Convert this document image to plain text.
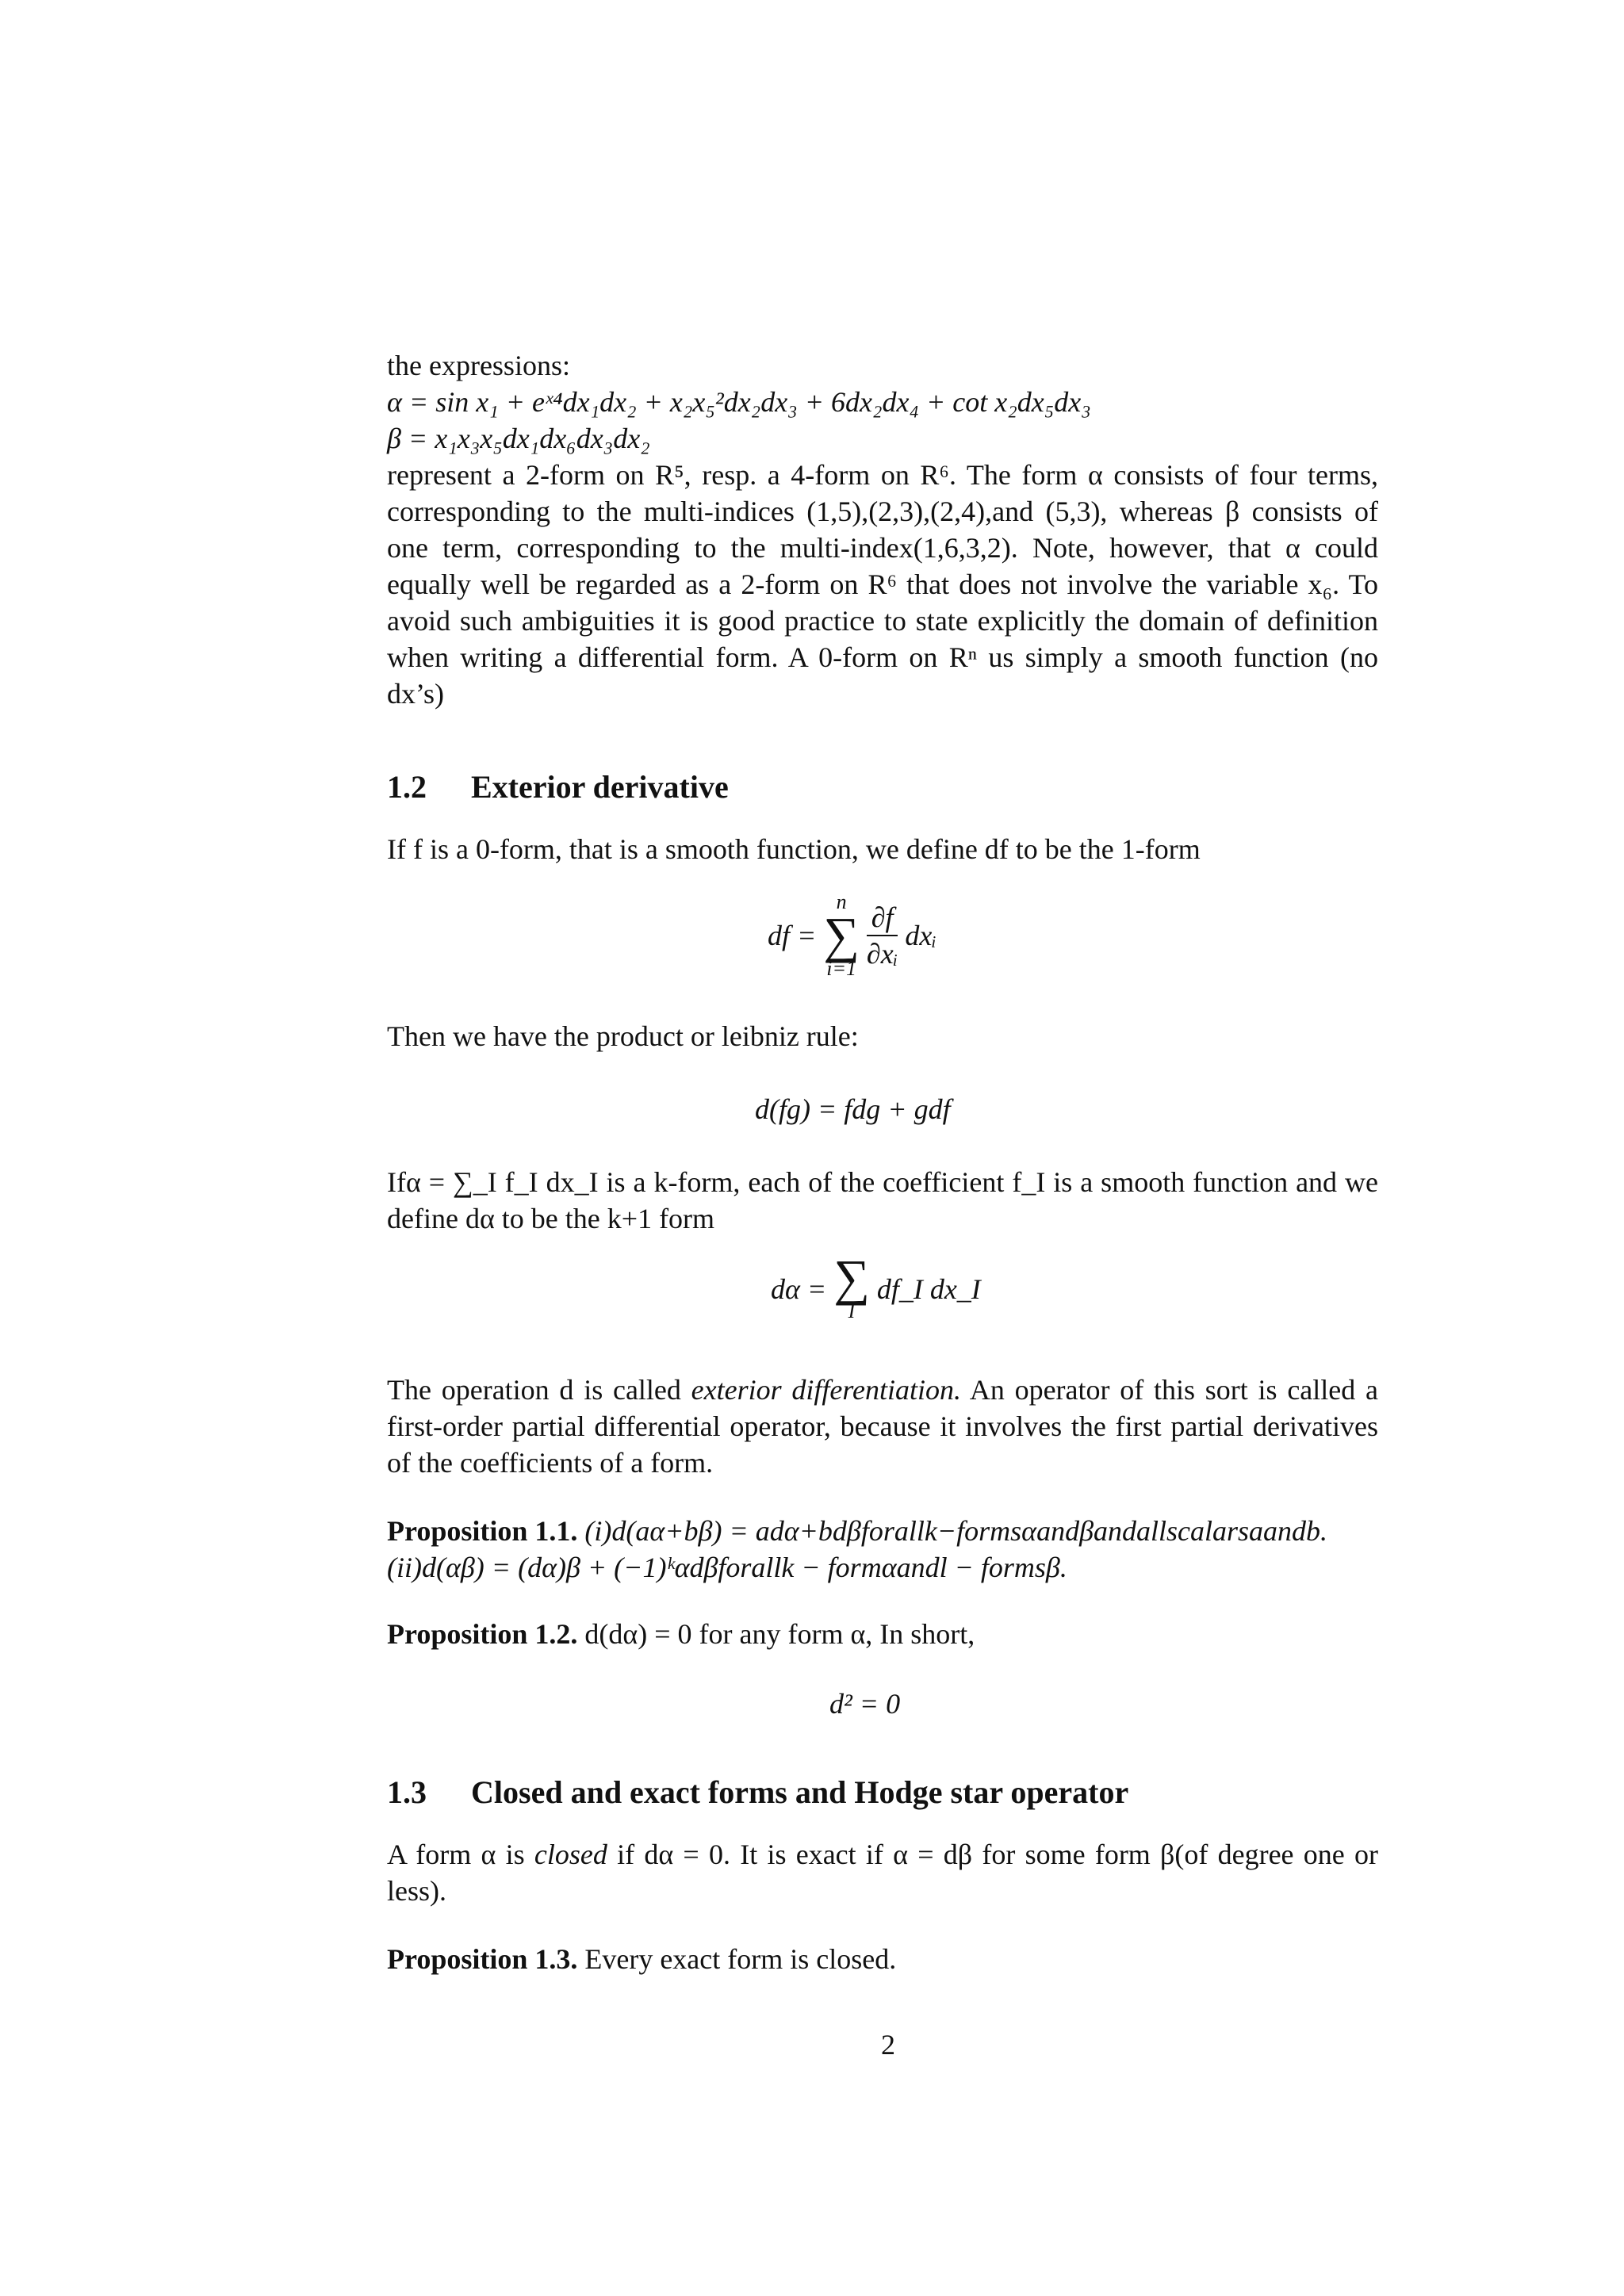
the expressions:
α = sin x₁ + eˣ⁴dx₁dx₂ + x₂x₅²dx₂dx₃ + 6dx₂dx₄ + cot x₂dx₅dx₃
β = x₁x₃x₅dx₁dx₆dx₃dx₂
represent a 2-form on R⁵, resp. a 4-form on R⁶. The form α consists of four terms, corresponding to the multi-indices (1,5),(2,3),(2,4),and (5,3), whereas β consists of one term, corresponding to the multi-index(1,6,3,2). Note, however, that α could equally well be regarded as a 2-form on R⁶ that does not involve the variable x₆. To avoid such ambiguities it is good practice to state explicitly the domain of definition when writing a differential form. A 0-form on Rⁿ us simply a smooth function (no dx’s)
1.2 Exterior derivative
If f is a 0-form, that is a smooth function, we define df to be the 1-form
df =
n
∑
i=1
$\frac{\partial f}{\text{∂xᵢ}}$ dxᵢ
Then we have the product or leibniz rule:
d(fg) = fdg + gdf
Ifα = ∑_I f_I dx_I is a k-form, each of the coefficient f_I is a smooth function and we define dα to be the k+1 form
dα = ∑
I
df_I dx_I
The operation d is called exterior differentiation. An operator of this sort is called a first-order partial differential operator, because it involves the first partial derivatives of the coefficients of a form.
Proposition 1.1. (i)d(aα+bβ) = adα+bdβforallk−formsαandβandallscalarsaandb.
(ii)d(αβ) = (dα)β + (−1)ᵏαdβforallk − formαandl − formsβ.
Proposition 1.2. d(dα) = 0 for any form α, In short,
d² = 0
1.3 Closed and exact forms and Hodge star operator
A form α is closed if dα = 0. It is exact if α = dβ for some form β(of degree one or less).
Proposition 1.3. Every exact form is closed.
2
